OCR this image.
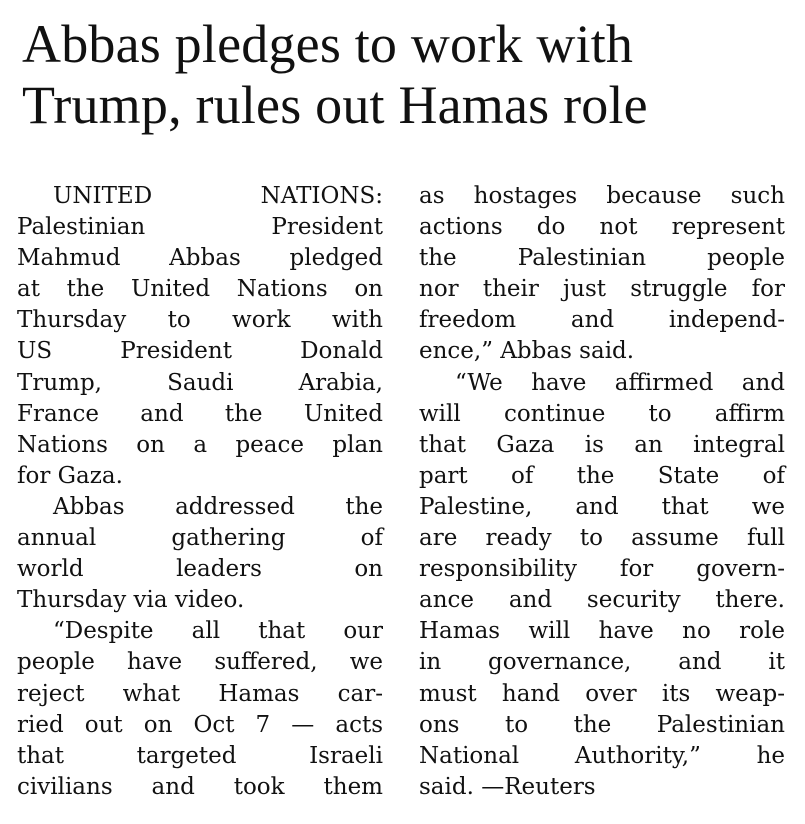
Abbas pledges to work with Trump, rules out Hamas role
UNITED NATIONS:
Palestinian President
Mahmud Abbas pledged
at the United Nations on
Thursday to work with
US President Donald
Trump, Saudi Arabia,
France and the United
Nations on a peace plan
for Gaza.
Abbas addressed the
annual gathering of
world leaders on
Thursday via video.
“Despite all that our
people have suffered, we
reject what Hamas car-
ried out on Oct 7 — acts
that targeted Israeli
civilians and took them
as hostages because such
actions do not represent
the Palestinian people
nor their just struggle for
freedom and independ-
ence,” Abbas said.
“We have affirmed and
will continue to affirm
that Gaza is an integral
part of the State of
Palestine, and that we
are ready to assume full
responsibility for govern-
ance and security there.
Hamas will have no role
in governance, and it
must hand over its weap-
ons to the Palestinian
National Authority,” he
said. —Reuters
